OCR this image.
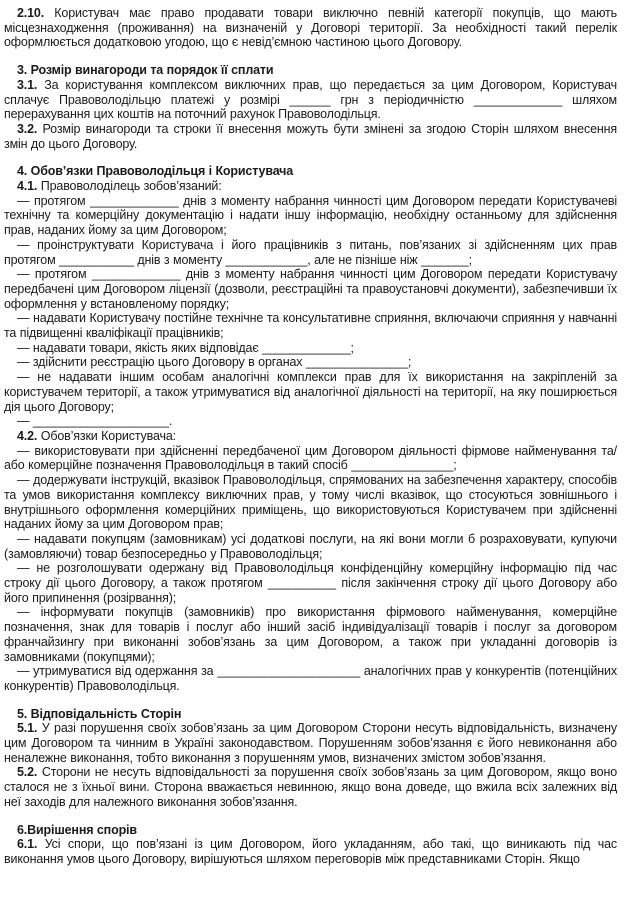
2.10. Користувач має право продавати товари виключно певній категорії покупців, що мають місцезнаходження (проживання) на визначеній у Договорі території. За необхідності такий перелік оформлюється додатковою угодою, що є невід’ємною частиною цього Договору.

3. Розмір винагороди та порядок її сплати

3.1. За користування комплексом виключних прав, що передається за цим Договором, Користувач сплачує Правоволодільцю платежі у розмірі ______ грн з періодичністю _____________ шляхом перерахування цих коштів на поточний рахунок Правоволодільця.

3.2. Розмір винагороди та строки її внесення можуть бути змінені за згодою Сторін шляхом внесення змін до цього Договору.

4. Обов’язки Правоволодільця і Користувача

4.1. Правоволоділець зобов’язаний:

— протягом _____________ днів з моменту набрання чинності цим Договором передати Користувачеві технічну та комерційну документацію і надати іншу інформацію, необхідну останньому для здійснення прав, наданих йому за цим Договором;

— проінструктувати Користувача і його працівників з питань, пов’язаних зі здійсненням цих прав протягом ___________ днів з моменту ____________, але не пізніше ніж _______;

— протягом _____________ днів з моменту набрання чинності цим Договором передати Користувачу передбачені цим Договором ліцензії (дозволи, реєстраційні та правоустановчі документи), забезпечивши їх оформлення у встановленому порядку;

— надавати Користувачу постійне технічне та консультативне сприяння, включаючи сприяння у навчанні та підвищенні кваліфікації працівників;

— надавати товари, якість яких відповідає _____________;

— здійснити реєстрацію цього Договору в органах _______________;

— не надавати іншим особам аналогічні комплекси прав для їх використання на закріпленій за користувачем території, а також утримуватися від аналогічної діяльності на території, на яку поширюється дія цього Договору;

— ____________________.

4.2. Обов’язки Користувача:

— використовувати при здійсненні передбаченої цим Договором діяльності фірмове найменування та/або комерційне позначення Правоволодільця в такий спосіб _______________;

— додержувати інструкцій, вказівок Правоволодільця, спрямованих на забезпечення характеру, способів та умов використання комплексу виключних прав, у тому числі вказівок, що стосуються зовнішнього і внутрішнього оформлення комерційних приміщень, що використовуються Користувачем при здійсненні наданих йому за цим Договором прав;

— надавати покупцям (замовникам) усі додаткові послуги, на які вони могли б розраховувати, купуючи (замовляючи) товар безпосередньо у Правоволодільця;

— не розголошувати одержану від Правоволодільця конфіденційну комерційну інформацію під час строку дії цього Договору, а також протягом __________ після закінчення строку дії цього Договору або його припинення (розірвання);

— інформувати покупців (замовників) про використання фірмового найменування, комерційне позначення, знак для товарів і послуг або інший засіб індивідуалізації товарів і послуг за договором франчайзингу при виконанні зобов’язань за цим Договором, а також при укладанні договорів із замовниками (покупцями);

— утримуватися від одержання за _____________________ аналогічних прав у конкурентів (потенційних конкурентів) Правоволодільця.

5. Відповідальність Сторін

5.1. У разі порушення своїх зобов’язань за цим Договором Сторони несуть відповідальність, визначену цим Договором та чинним в Україні законодавством. Порушенням зобов’язання є його невиконання або неналежне виконання, тобто виконання з порушенням умов, визначених змістом зобов’язання.

5.2. Сторони не несуть відповідальності за порушення своїх зобов’язань за цим Договором, якщо воно сталося не з їхньої вини. Сторона вважається невинною, якщо вона доведе, що вжила всіх залежних від неї заходів для належного виконання зобов’язання.

6.Вирішення спорів

6.1. Усі спори, що пов’язані із цим Договором, його укладанням, або такі, що виникають під час виконання умов цього Договору, вирішуються шляхом переговорів між представниками Сторін. Якщо
